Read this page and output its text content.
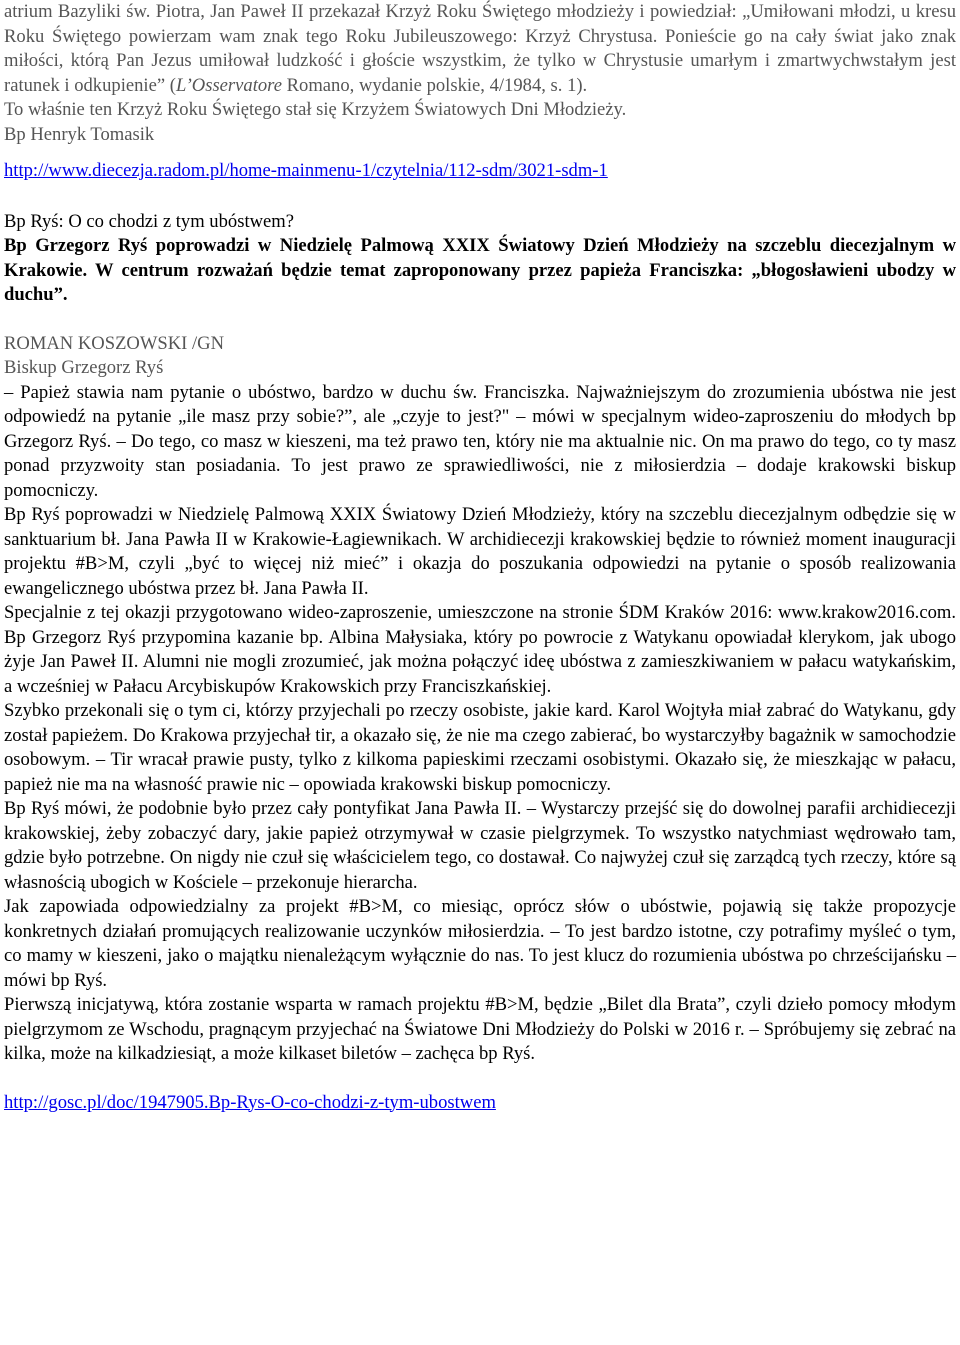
atrium Bazyliki św. Piotra, Jan Paweł II przekazał Krzyż Roku Świętego młodzieży i powiedział: „Umiłowani młodzi, u kresu Roku Świętego powierzam wam znak tego Roku Jubileuszowego: Krzyż Chrystusa. Ponieście go na cały świat jako znak miłości, którą Pan Jezus umiłował ludzkość i głoście wszystkim, że tylko w Chrystusie umarłym i zmartwychwstałym jest ratunek i odkupienie” (L’Osservatore Romano, wydanie polskie, 4/1984, s. 1).

To właśnie ten Krzyż Roku Świętego stał się Krzyżem Światowych Dni Młodzieży.

Bp Henryk Tomasik

http://www.diecezja.radom.pl/home-mainmenu-1/czytelnia/112-sdm/3021-sdm-1

Bp Ryś: O co chodzi z tym ubóstwem?

Bp Grzegorz Ryś poprowadzi w Niedzielę Palmową XXIX Światowy Dzień Młodzieży na szczeblu diecezjalnym w Krakowie. W centrum rozważań będzie temat zaproponowany przez papieża Franciszka: „błogosławieni ubodzy w duchu”.

ROMAN KOSZOWSKI /GN

Biskup Grzegorz Ryś

– Papież stawia nam pytanie o ubóstwo, bardzo w duchu św. Franciszka. Najważniejszym do zrozumienia ubóstwa nie jest odpowiedź na pytanie „ile masz przy sobie?”, ale „czyje to jest?" – mówi w specjalnym wideo-zaproszeniu do młodych bp Grzegorz Ryś. – Do tego, co masz w kieszeni, ma też prawo ten, który nie ma aktualnie nic. On ma prawo do tego, co ty masz ponad przyzwoity stan posiadania. To jest prawo ze sprawiedliwości, nie z miłosierdzia – dodaje krakowski biskup pomocniczy.

Bp Ryś poprowadzi w Niedzielę Palmową XXIX Światowy Dzień Młodzieży, który na szczeblu diecezjalnym odbędzie się w sanktuarium bł. Jana Pawła II w Krakowie-Łagiewnikach. W archidiecezji krakowskiej będzie to również moment inauguracji projektu #B>M, czyli „być to więcej niż mieć” i okazja do poszukania odpowiedzi na pytanie o sposób realizowania ewangelicznego ubóstwa przez bł. Jana Pawła II.

Specjalnie z tej okazji przygotowano wideo-zaproszenie, umieszczone na stronie ŚDM Kraków 2016: www.krakow2016.com. Bp Grzegorz Ryś przypomina kazanie bp. Albina Małysiaka, który po powrocie z Watykanu opowiadał klerykom, jak ubogo żyje Jan Paweł II. Alumni nie mogli zrozumieć, jak można połączyć ideę ubóstwa z zamieszkiwaniem w pałacu watykańskim, a wcześniej w Pałacu Arcybiskupów Krakowskich przy Franciszkańskiej.

Szybko przekonali się o tym ci, którzy przyjechali po rzeczy osobiste, jakie kard. Karol Wojtyła miał zabrać do Watykanu, gdy został papieżem. Do Krakowa przyjechał tir, a okazało się, że nie ma czego zabierać, bo wystarczyłby bagażnik w samochodzie osobowym. – Tir wracał prawie pusty, tylko z kilkoma papieskimi rzeczami osobistymi. Okazało się, że mieszkając w pałacu, papież nie ma na własność prawie nic – opowiada krakowski biskup pomocniczy.

Bp Ryś mówi, że podobnie było przez cały pontyfikat Jana Pawła II. – Wystarczy przejść się do dowolnej parafii archidiecezji krakowskiej, żeby zobaczyć dary, jakie papież otrzymywał w czasie pielgrzymek. To wszystko natychmiast wędrowało tam, gdzie było potrzebne. On nigdy nie czuł się właścicielem tego, co dostawał. Co najwyżej czuł się zarządcą tych rzeczy, które są własnością ubogich w Kościele – przekonuje hierarcha.

Jak zapowiada odpowiedzialny za projekt #B>M, co miesiąc, oprócz słów o ubóstwie, pojawią się także propozycje konkretnych działań promujących realizowanie uczynków miłosierdzia. – To jest bardzo istotne, czy potrafimy myśleć o tym, co mamy w kieszeni, jako o majątku nienależącym wyłącznie do nas. To jest klucz do rozumienia ubóstwa po chrześcijańsku – mówi bp Ryś.

Pierwszą inicjatywą, która zostanie wsparta w ramach projektu #B>M, będzie „Bilet dla Brata”, czyli dzieło pomocy młodym pielgrzymom ze Wschodu, pragnącym przyjechać na Światowe Dni Młodzieży do Polski w 2016 r. – Spróbujemy się zebrać na kilka, może na kilkadziesiąt, a może kilkaset biletów – zachęca bp Ryś.

http://gosc.pl/doc/1947905.Bp-Rys-O-co-chodzi-z-tym-ubostwem
